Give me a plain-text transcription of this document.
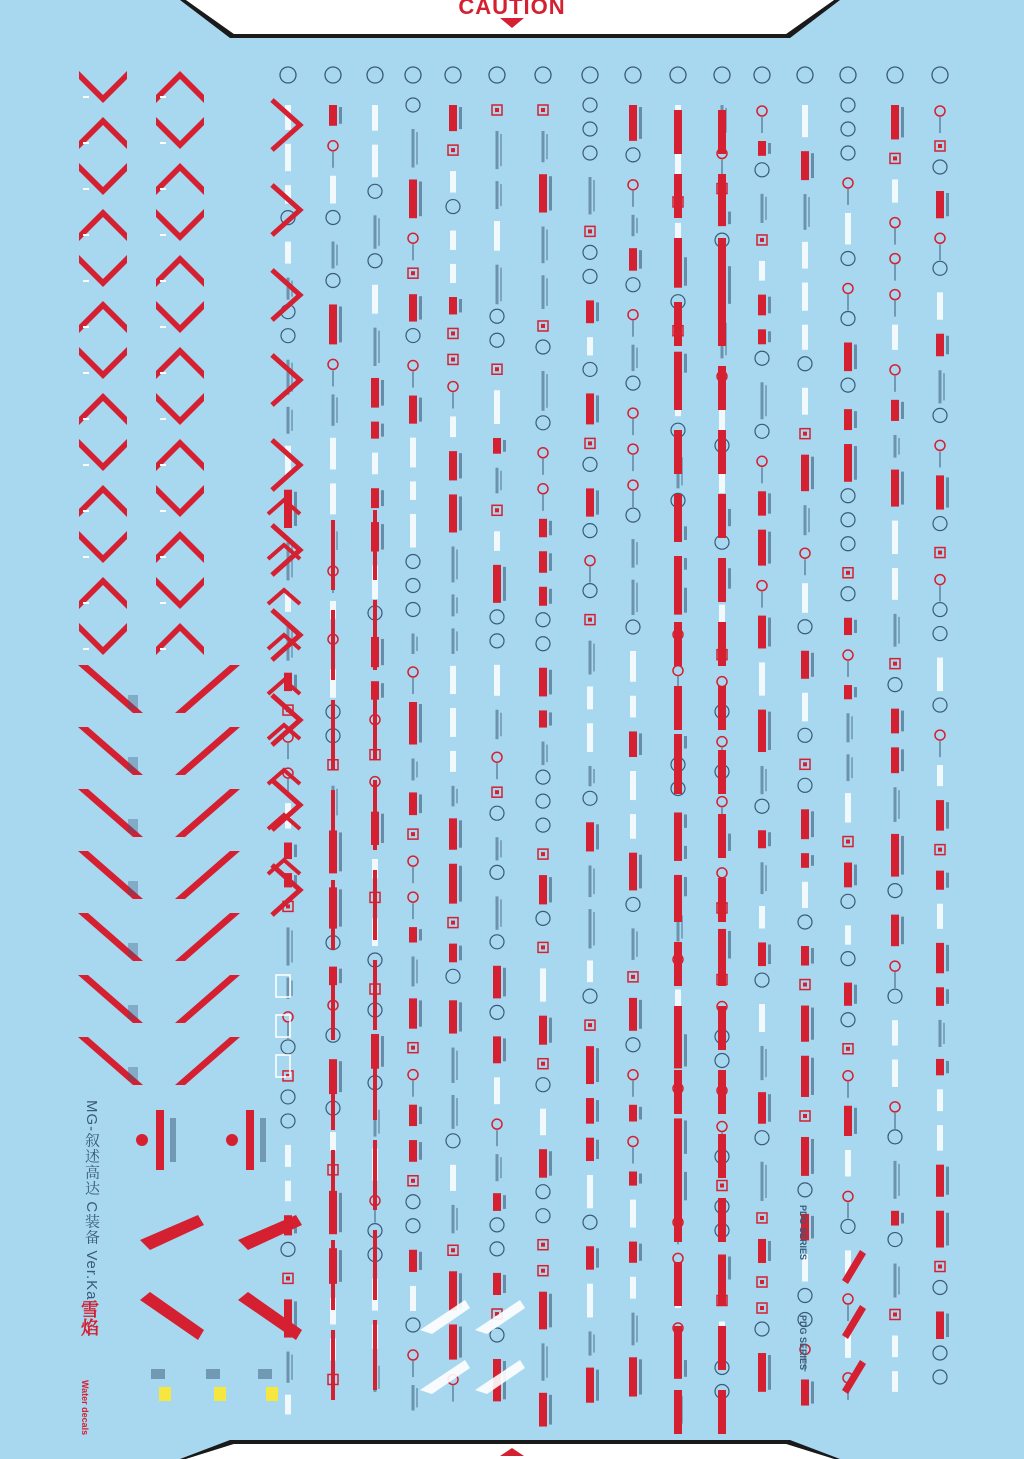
PDG SERIES
PDG SERIES
CAUTION
MG-叙述高达 C装备 Ver.Ka
雪焰
Water decals
